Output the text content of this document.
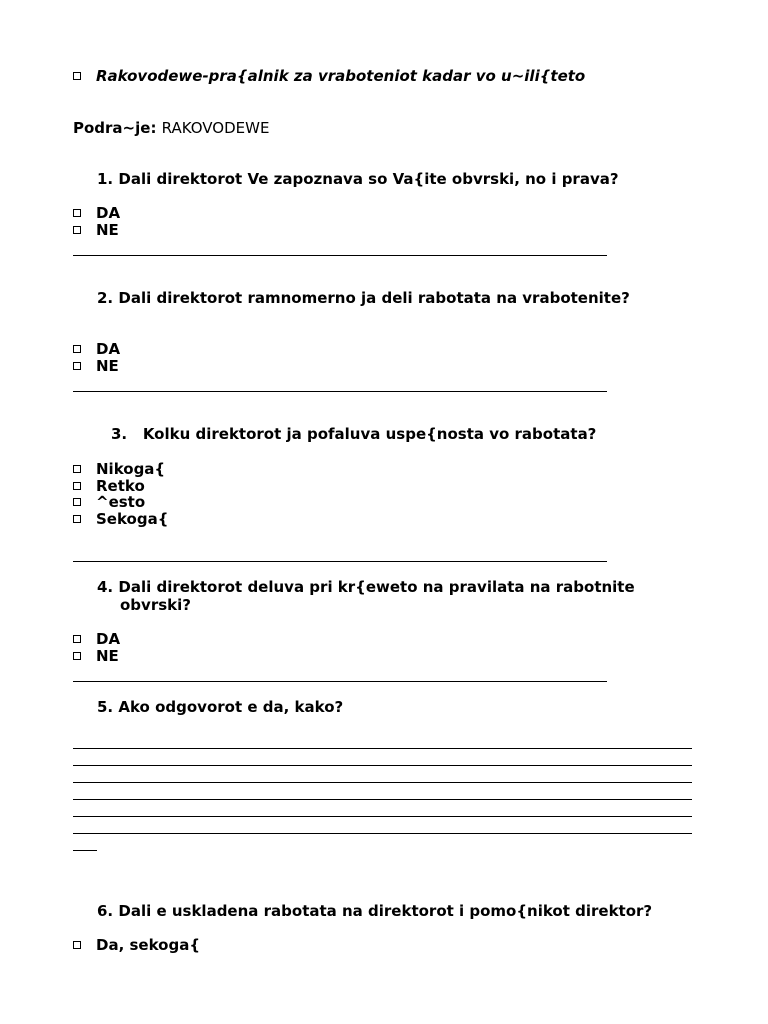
Rakovodewe-pra{alnik za vraboteniot kadar vo u~ili{teto
Podra~je: RAKOVODEWE
1. Dali direktorot Ve zapoznava so Va{ite obvrski, no i prava?
DA
NE
2. Dali direktorot ramnomerno ja deli rabotata na vrabotenite?
DA
NE
3. Kolku direktorot ja pofaluva uspe{nosta vo rabotata?
Nikoga{
Retko
^esto
Sekoga{
4. Dali direktorot deluva pri kr{eweto na pravilata na rabotnite
obvrski?
DA
NE
5. Ako odgovorot e da, kako?
6. Dali e uskladena rabotata na direktorot i pomo{nikot direktor?
Da, sekoga{
